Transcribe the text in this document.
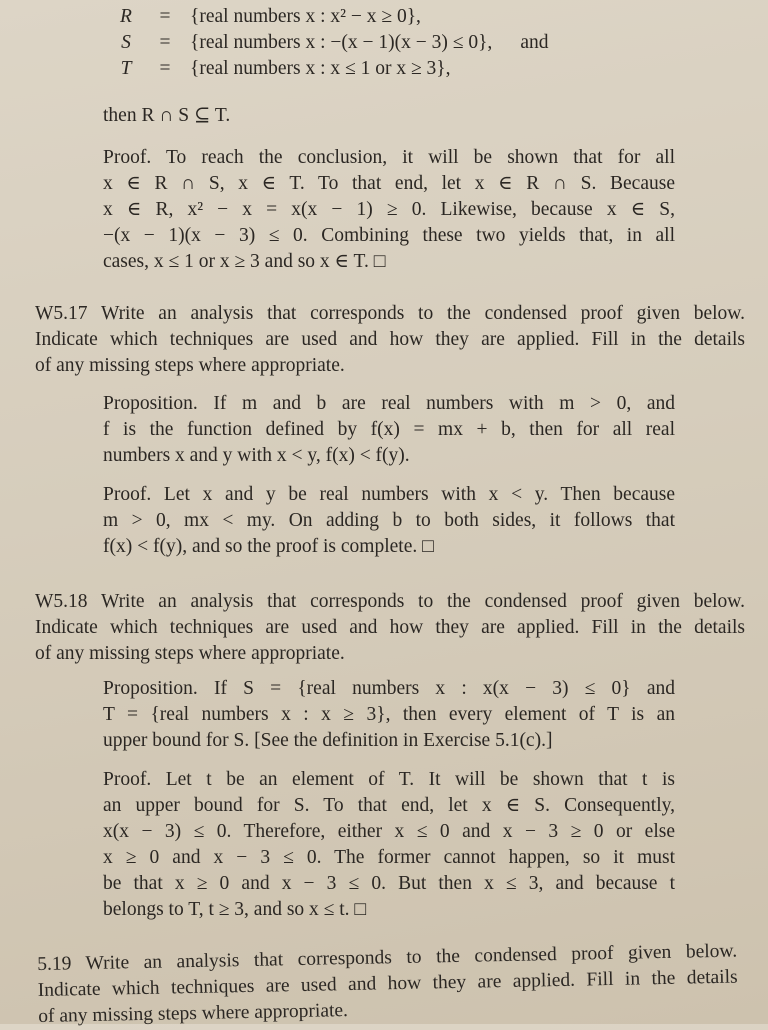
R = {real numbers x : x² − x ≥ 0},
S = {real numbers x : −(x − 1)(x − 3) ≤ 0}, and
T = {real numbers x : x ≤ 1 or x ≥ 3},
then R ∩ S ⊆ T.
Proof. To reach the conclusion, it will be shown that for all
x ∈ R ∩ S, x ∈ T. To that end, let x ∈ R ∩ S. Because
x ∈ R, x² − x = x(x − 1) ≥ 0. Likewise, because x ∈ S,
−(x − 1)(x − 3) ≤ 0. Combining these two yields that, in all
cases, x ≤ 1 or x ≥ 3 and so x ∈ T. □
W5.17 Write an analysis that corresponds to the condensed proof given below.
Indicate which techniques are used and how they are applied. Fill in the details
of any missing steps where appropriate.
Proposition. If m and b are real numbers with m > 0, and
f is the function defined by f(x) = mx + b, then for all real
numbers x and y with x < y, f(x) < f(y).
Proof. Let x and y be real numbers with x < y. Then because
m > 0, mx < my. On adding b to both sides, it follows that
f(x) < f(y), and so the proof is complete. □
W5.18 Write an analysis that corresponds to the condensed proof given below.
Indicate which techniques are used and how they are applied. Fill in the details
of any missing steps where appropriate.
Proposition. If S = {real numbers x : x(x − 3) ≤ 0} and
T = {real numbers x : x ≥ 3}, then every element of T is an
upper bound for S. [See the definition in Exercise 5.1(c).]
Proof. Let t be an element of T. It will be shown that t is
an upper bound for S. To that end, let x ∈ S. Consequently,
x(x − 3) ≤ 0. Therefore, either x ≤ 0 and x − 3 ≥ 0 or else
x ≥ 0 and x − 3 ≤ 0. The former cannot happen, so it must
be that x ≥ 0 and x − 3 ≤ 0. But then x ≤ 3, and because t
belongs to T, t ≥ 3, and so x ≤ t. □
5.19 Write an analysis that corresponds to the condensed proof given below.
Indicate which techniques are used and how they are applied. Fill in the details
of any missing steps where appropriate.
